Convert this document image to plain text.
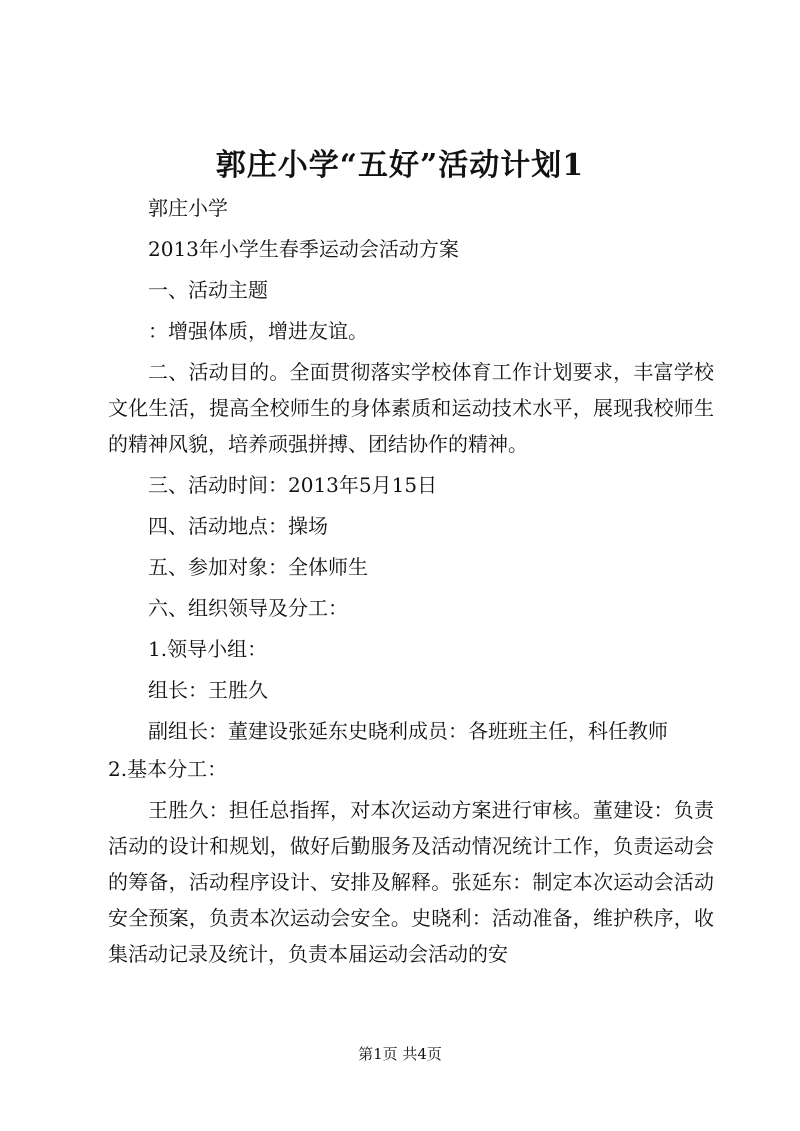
郭庄小学“五好”活动计划1

郭庄小学

2013年小学生春季运动会活动方案

一、活动主题

：增强体质，增进友谊。

二、活动目的。全面贯彻落实学校体育工作计划要求，丰富学校文化生活，提高全校师生的身体素质和运动技术水平，展现我校师生的精神风貌，培养顽强拼搏、团结协作的精神。

三、活动时间：2013年5月15日

四、活动地点：操场

五、参加对象：全体师生

六、组织领导及分工：

1.领导小组：

组长：王胜久

副组长：董建设张延东史晓利成员：各班班主任，科任教师

2.基本分工：

王胜久：担任总指挥，对本次运动方案进行审核。董建设：负责活动的设计和规划，做好后勤服务及活动情况统计工作，负责运动会的筹备，活动程序设计、安排及解释。张延东：制定本次运动会活动安全预案，负责本次运动会安全。史晓利：活动准备，维护秩序，收集活动记录及统计，负责本届运动会活动的安

第1页 共4页
